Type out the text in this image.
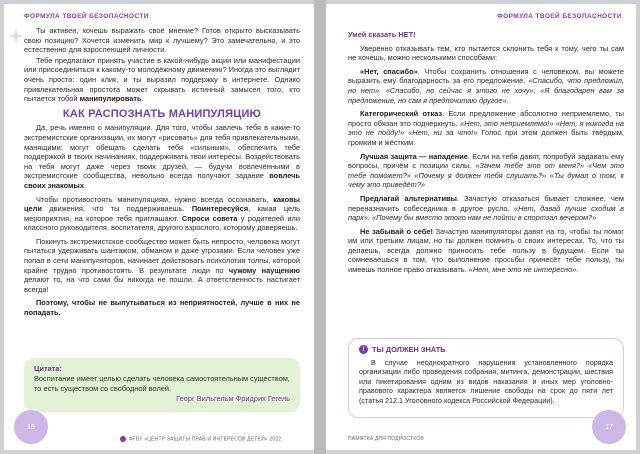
ФОРМУЛА ТВОЕЙ БЕЗОПАСНОСТИ

Ты активен, хочешь выражать своё мнение? Готов открыто высказывать свою позицию? Хочется изменить мир к лучшему? Это замечательно, и это естественно для взрослеющей личности.

Тебе предлагают принять участие в какой-нибудь акции или манифестации или присоединиться к какому-то молодёжному движению? Иногда это выглядит очень просто: один клик, и ты выразил поддержку в интернете. Однако привлекательная простота может скрывать истинный замысел того, кто пытается тобой манипулировать.

КАК РАСПОЗНАТЬ МАНИПУЛЯЦИЮ

Да, речь именно о манипуляции. Для того, чтобы завлечь тебя в какие-то экстремистские организации, их могут «рисовать» для тебя привлекательными, манящими: могут обещать сделать тебя «сильным», обеспечить тебе поддержкой в твоих начинаниях, поддерживать твои интересы. Воздействовать на тебя могут даже через твоих друзей, — будучи вовлечёнными в экстремистские сообщества, невольно всегда получают задание вовлечь своих знакомых.

Чтобы противостоять манипуляциям, нужно всегда осознавать, каковы цели движения, что ты поддерживаешь. Поинтересуйся, какая цель мероприятия, на которое тебя приглашают. Спроси совета у родителей или классного руководителя, воспитателя, другого взрослого, которому доверяешь.

Покинуть экстремистское сообщество может быть непросто, человека могут пытаться удерживать шантажом, обманом и даже угрозами. Если человек уже попал в сети манипуляторов, начинает действовать психология толпы, которой крайне трудно противостоять. В результате люди по чужому наущению делают то, на что сами бы никогда не пошли. А ответственность настигает всегда!

Поэтому, чтобы не выпутываться из неприятностей, лучше в них не попадать.

Цитата:
Воспитание имеет целью сделать человека самостоятельным существом, то есть существом со свободной волей.
Георг Вильгельм Фридрих Гегель
16
ФГБУ «ЦЕНТР ЗАЩИТЫ ПРАВ И ИНТЕРЕСОВ ДЕТЕЙ» 2022
ФОРМУЛА ТВОЕЙ БЕЗОПАСНОСТИ

Умей сказать НЕТ!

Уверенно отказывать тем, кто пытается склонить тебя к тому, чего ты сам не хочешь, можно несколькими способами:

«Нет, спасибо». Чтобы сохранить отношения с человеком, вы можете выразить ему благодарность за его предложение. «Спасибо, что предложил, но нет». «Спасибо, но сейчас я этого не хочу». «Я благодарен вам за предложение, но сам я предпочитаю другое».

Категорический отказ. Если предложение абсолютно неприемлемо, ты просто обязан это подчеркнуть. «Нет, это неприемлемо!» «Нет, я никогда на это не пойду!» «Нет, ни за что!» Голос при этом должен быть твёрдым, громким и жёстким.

Лучшая защита — нападение. Если на тебя давят, попробуй задавать ему вопросы, причём с позиции силы. «Зачем тебе это от меня?» «Чем это тебе поможет?» «Почему я должен тебя слушать?» «Ты думал о том, к чему это приведёт?»

Предлагай альтернативы. Зачастую отказаться бывает сложнее, чем переназначить собеседника в другое русло. «Нет, давай лучше сходим в парк». «Почему бы вместо этого нам не пойти в спортзал вечером?»

Не забывай о себе! Зачастую манипуляторы давят на то, чтобы ты помог им или третьим лицам, но ты должен помнить о своих интересах. То, что ты делаешь, всегда должно приносить тебе пользу в будущем. Если ты сомневаешься в том, что выполнение просьбы принесёт тебе пользу, ты имеешь полное право отказывать. «Нет, мне это не интересно».

!	ТЫ ДОЛЖЕН ЗНАТЬ
В случае неоднократного нарушения установленного порядка организации либо проведения собрания, митинга, демонстрации, шествия или пикетирования одним из видов наказания и иных мер уголовно-правового характера является лишение свободы на срок до пяти лет (статья 212.1 Уголовного кодекса Российской Федерации).
17
ПАМЯТКА ДЛЯ ПОДРОСТКОВ
